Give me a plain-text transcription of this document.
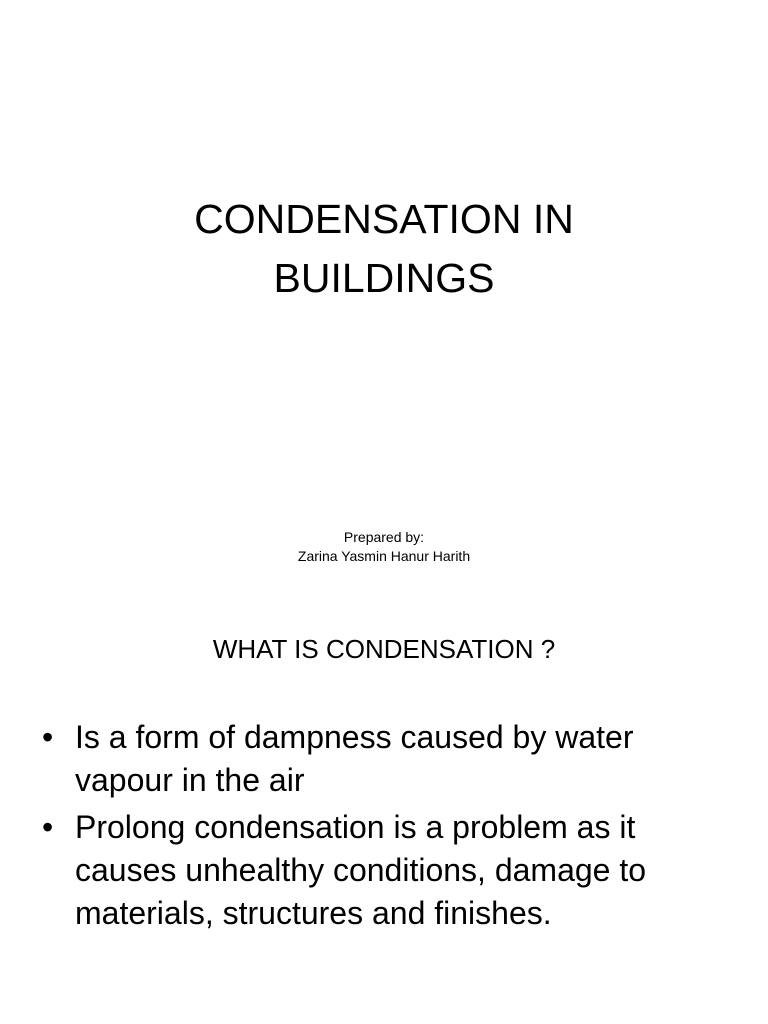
CONDENSATION IN
BUILDINGS
Prepared by:
Zarina Yasmin Hanur Harith
WHAT IS CONDENSATION ?
• Is a form of dampness caused by water vapour in the air
• Prolong condensation is a problem as it causes unhealthy conditions, damage to materials, structures and finishes.
